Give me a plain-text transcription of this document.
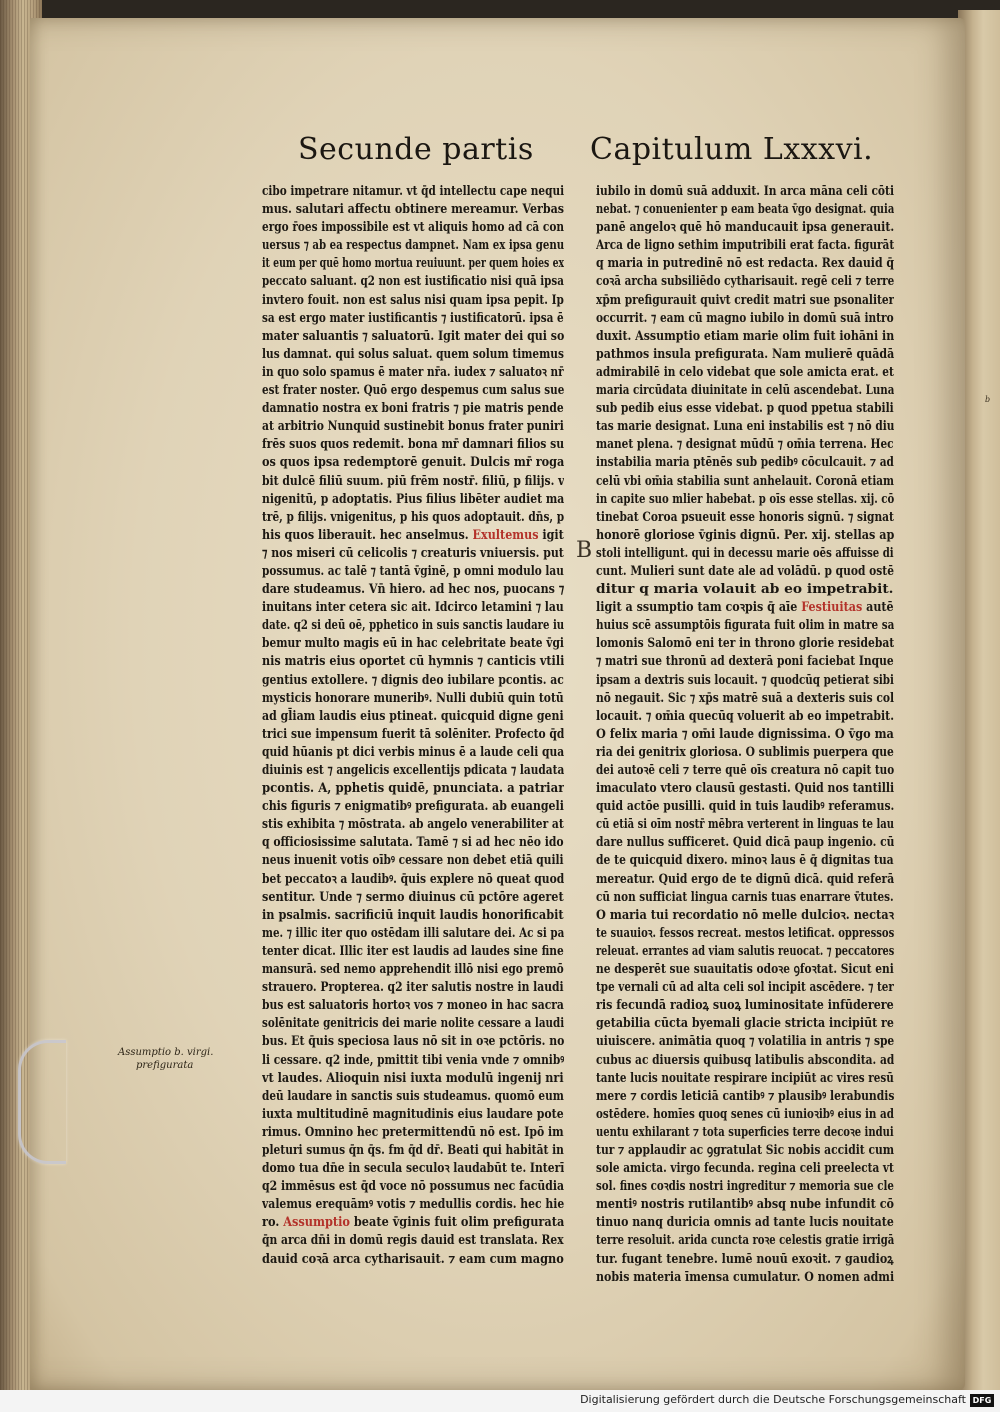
b
Secunde partis Capitulum Lxxxvi.
cibo impetrare nitamur. vt q̄d intellectu cape nequi
mus. salutari affectu obtinere mereamur. Verbas
ergo r̄oes impossibile est vt aliquis homo ad cā con
uersus ⁊ ab ea respectus dampnet. Nam ex ipsa genu
it eum per quē homo mortua reuiuunt. per quem hoies ex
peccato saluant. q2 non est iustificatio nisi quā ipsa
invtero fouit. non est salus nisi quam ipsa pepit. Ip
sa est ergo mater iustificantis ⁊ iustificatorū. ipsa ē
mater saluantis ⁊ saluatorū. Igit mater dei qui so
lus damnat. qui solus saluat. quem solum timemus
in quo solo spamus ē mater nr̄a. iudex ⁊ saluatoꝛ nr̄
est frater noster. Quō ergo despemus cum salus sue
damnatio nostra ex boni fratris ⁊ pie matris pende
at arbitrio Nunquid sustinebit bonus frater puniri
frēs suos quos redemit. bona mr̄ damnari filios su
os quos ipsa redemptorē genuit. Dulcis mr̄ roga
bit dulcē filiū suum. piū frēm nostr̄. filiū, p filijs. v
nigenitū, p adoptatis. Pius filius libēter audiet ma
trē, p filijs. vnigenitus, p his quos adoptauit. dn̄s, p
his quos liberauit. hec anselmus. Exultemus igit
⁊ nos miseri cū celicolis ⁊ creaturis vniuersis. put
possumus. ac talē ⁊ tantā v̄ginē, p omni modulo lau
dare studeamus. Vn̄ hiero. ad hec nos, puocans ⁊
inuitans inter cetera sic ait. Idcirco letamini ⁊ lau
date. q2 si deū oē, pphetico in suis sanctis laudare iu
bemur multo magis eū in hac celebritate beate v̄gi
nis matris eius oportet cū hymnis ⁊ canticis vtili
gentius extollere. ⁊ dignis deo iubilare pcontis. ac
mysticis honorare muneribꝰ. Nulli dubiū quin totū
ad gl̄iam laudis eius ptineat. quicquid digne geni
trici sue impensum fuerit tā solēniter. Profecto q̄d
quid hūanis pt dici verbis minus ē a laude celi qua
diuinis est ⁊ angelicis excellentijs pdicata ⁊ laudata
pcontis. A, pphetis quidē, pnunciata. a patriar
chis figuris ⁊ enigmatibꝰ prefigurata. ab euangeli
stis exhibita ⁊ mōstrata. ab angelo venerabiliter at
q officiosissime salutata. Tamē ⁊ si ad hec nēo ido
neus inuenit votis oībꝰ cessare non debet etiā quili
bet peccatoꝛ a laudibꝰ. q̄uis explere nō queat quod
sentitur. Unde ⁊ sermo diuinus cū pctōre ageret
in psalmis. sacrificiū inquit laudis honorificabit
me. ⁊ illic iter quo ostēdam illi salutare dei. Ac si pa
tenter dicat. Illic iter est laudis ad laudes sine fine
mansurā. sed nemo apprehendit illō nisi ego premō
strauero. Propterea. q2 iter salutis nostre in laudi
bus est saluatoris hortoꝛ vos ⁊ moneo in hac sacra
solēnitate genitricis dei marie nolite cessare a laudi
bus. Et q̄uis speciosa laus nō sit in oꝛe pctōris. no
li cessare. q2 inde, pmittit tibi venia vnde ⁊ omnibꝰ
vt laudes. Alioquin nisi iuxta modulū ingenij nri
deū laudare in sanctis suis studeamus. quomō eum
iuxta multitudinē magnitudinis eius laudare pote
rimus. Omnino hec pretermittendū nō est. Ipō im
pleturi sumus q̄n q̄s. fm q̄d dr̄. Beati qui habitāt in
domo tua dn̄e in secula seculoꝛ laudabūt te. Interī
q2 immēsus est q̄d voce nō possumus nec facūdia
valemus erequāmꝰ votis ⁊ medullis cordis. hec hie
ro. Assumptio beate v̄ginis fuit olim prefigurata
q̄n arca dn̄i in domū regis dauid est translata. Rex
dauid coꝛā arca cytharisauit. ⁊ eam cum magno
iubilo in domū suā adduxit. In arca māna celi cōti
nebat. ⁊ conuenienter p eam beata v̄go designat. quia
panē angeloꝛ quē hō manducauit ipsa generauit.
Arca de ligno sethim imputribili erat facta. figurāt
q maria in putredinē nō est redacta. Rex dauid q̄
coꝛā archa subsiliēdo cytharisauit. regē celi ⁊ terre
xp̄m prefigurauit quivt credit matri sue psonaliter
occurrit. ⁊ eam cū magno iubilo in domū suā intro
duxit. Assumptio etiam marie olim fuit iohāni in
pathmos insula prefigurata. Nam mulierē quādā
admirabilē in celo videbat que sole amicta erat. et
maria circūdata diuinitate in celū ascendebat. Luna
sub pedib eius esse videbat. p quod ppetua stabili
tas marie designat. Luna eni instabilis est ⁊ nō diu
manet plena. ⁊ designat mūdū ⁊ om̄ia terrena. Hec
instabilia maria ptēnēs sub pedibꝰ cōculcauit. ⁊ ad
celū vbi om̄ia stabilia sunt anhelauit. Coronā etiam
in capite suo mlier habebat. p oīs esse stellas. xij. cō
tinebat Coroa psueuit esse honoris signū. ⁊ signat
honorē gloriose v̄ginis dignū. Per. xij. stellas ap
stoli intelligunt. qui in decessu marie oēs affuisse di
cunt. Mulieri sunt date ale ad volādū. p quod ostē
ditur q maria volauit ab eo impetrabit.
ligit a ssumptio tam coꝛpis q̄ aīe Festiuitas autē
huius scē assumptōis figurata fuit olim in matre sa
lomonis Salomō eni ter in throno glorie residebat
⁊ matri sue thronū ad dexterā poni faciebat Inque
ipsam a dextris suis locauit. ⁊ quodcūq petierat sibi
nō negauit. Sic ⁊ xp̄s matrē suā a dexteris suis col
locauit. ⁊ om̄ia quecūq voluerit ab eo impetrabit.
O felix maria ⁊ om̄i laude dignissima. O v̄go ma
ria dei genitrix gloriosa. O sublimis puerpera que
dei autoꝛē celi ⁊ terre quē oīs creatura nō capit tuo
imaculato vtero clausū gestasti. Quid nos tantilli
quid actōe pusilli. quid in tuis laudibꝰ referamus.
cū etiā si oīm nostr̄ mēbra verterent in linguas te lau
dare nullus sufficeret. Quid dicā paup ingenio. cū
de te quicquid dixero. minoꝛ laus ē q̄ dignitas tua
mereatur. Quid ergo de te dignū dicā. quid referā
cū non sufficiat lingua carnis tuas enarrare v̄tutes.
O maria tui recordatio nō melle dulcioꝛ. nectaꝛ
te suauioꝛ. fessos recreat. mestos letificat. oppressos
releuat. errantes ad viam salutis reuocat. ⁊ peccatores
ne desperēt sue suauitatis odoꝛe ꝯfoꝛtat. Sicut eni
tpe vernali cū ad alta celi sol incipit ascēdere. ⁊ ter
ris fecundā radioꝝ suoꝝ luminositate infūderere
getabilia cūcta byemali glacie stricta incipiūt re
uiuiscere. animātia quoq ⁊ volatilia in antris ⁊ spe
cubus ac diuersis quibusq latibulis abscondita. ad
tante lucis nouitate respirare incipiūt ac vires resū
mere ⁊ cordis leticiā cantibꝰ ⁊ plausibꝰ lerabundis
ostēdere. homīes quoq senes cū iunioꝛibꝰ eius in ad
uentu exhilarant ⁊ tota superficies terre decoꝛe indui
tur ⁊ applaudir ac ꝯgratulat Sic nobis accidit cum
sole amicta. virgo fecunda. regina celi preelecta vt
sol. fines coꝛdis nostri ingreditur ⁊ memoria sue cle
mentiꝰ nostris rutilantibꝰ absq nube infundit cō
tinuo nanq duricia omnis ad tante lucis nouitate
terre resoluit. arida cuncta roꝛe celestis gratie irrigā
tur. fugant tenebre. lumē nouū exoꝛit. ⁊ gaudioꝝ
nobis materia īmensa cumulatur. O nomen admi
B
Assumptio b. virgi.
prefigurata
Digitalisierung gefördert durch die Deutsche Forschungsgemeinschaft DFG
